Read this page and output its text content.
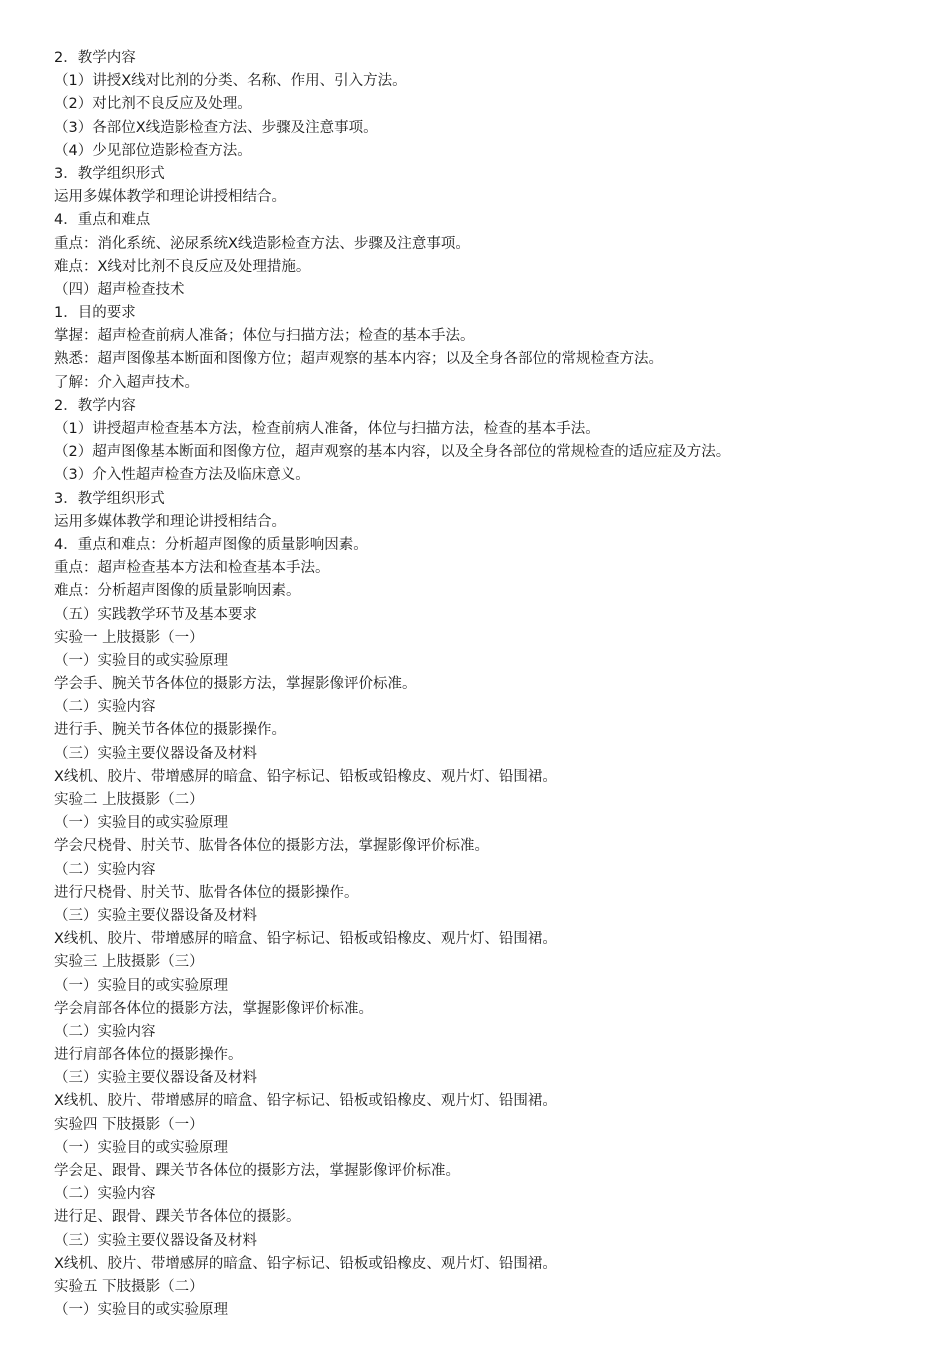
2．教学内容
（1）讲授X线对比剂的分类、名称、作用、引入方法。
（2）对比剂不良反应及处理。
（3）各部位X线造影检查方法、步骤及注意事项。
（4）少见部位造影检查方法。
3．教学组织形式
运用多媒体教学和理论讲授相结合。
4．重点和难点
重点：消化系统、泌尿系统X线造影检查方法、步骤及注意事项。
难点：X线对比剂不良反应及处理措施。
（四）超声检查技术
1．目的要求
掌握：超声检查前病人准备；体位与扫描方法；检查的基本手法。
熟悉：超声图像基本断面和图像方位；超声观察的基本内容；以及全身各部位的常规检查方法。
了解：介入超声技术。
2．教学内容
（1）讲授超声检查基本方法，检查前病人准备，体位与扫描方法，检查的基本手法。
（2）超声图像基本断面和图像方位，超声观察的基本内容，以及全身各部位的常规检查的适应症及方法。
（3）介入性超声检查方法及临床意义。
3．教学组织形式
运用多媒体教学和理论讲授相结合。
4．重点和难点：分析超声图像的质量影响因素。
重点：超声检查基本方法和检查基本手法。
难点：分析超声图像的质量影响因素。
（五）实践教学环节及基本要求
实验一 上肢摄影（一）
（一）实验目的或实验原理
学会手、腕关节各体位的摄影方法，掌握影像评价标准。
（二）实验内容
进行手、腕关节各体位的摄影操作。
（三）实验主要仪器设备及材料
X线机、胶片、带增感屏的暗盒、铅字标记、铅板或铅橡皮、观片灯、铅围裙。
实验二 上肢摄影（二）
（一）实验目的或实验原理
学会尺桡骨、肘关节、肱骨各体位的摄影方法，掌握影像评价标准。
（二）实验内容
进行尺桡骨、肘关节、肱骨各体位的摄影操作。
（三）实验主要仪器设备及材料
X线机、胶片、带增感屏的暗盒、铅字标记、铅板或铅橡皮、观片灯、铅围裙。
实验三 上肢摄影（三）
（一）实验目的或实验原理
学会肩部各体位的摄影方法，掌握影像评价标准。
（二）实验内容
进行肩部各体位的摄影操作。
（三）实验主要仪器设备及材料
X线机、胶片、带增感屏的暗盒、铅字标记、铅板或铅橡皮、观片灯、铅围裙。
实验四 下肢摄影（一）
（一）实验目的或实验原理
学会足、跟骨、踝关节各体位的摄影方法，掌握影像评价标准。
（二）实验内容
进行足、跟骨、踝关节各体位的摄影。
（三）实验主要仪器设备及材料
X线机、胶片、带增感屏的暗盒、铅字标记、铅板或铅橡皮、观片灯、铅围裙。
实验五 下肢摄影（二）
（一）实验目的或实验原理
